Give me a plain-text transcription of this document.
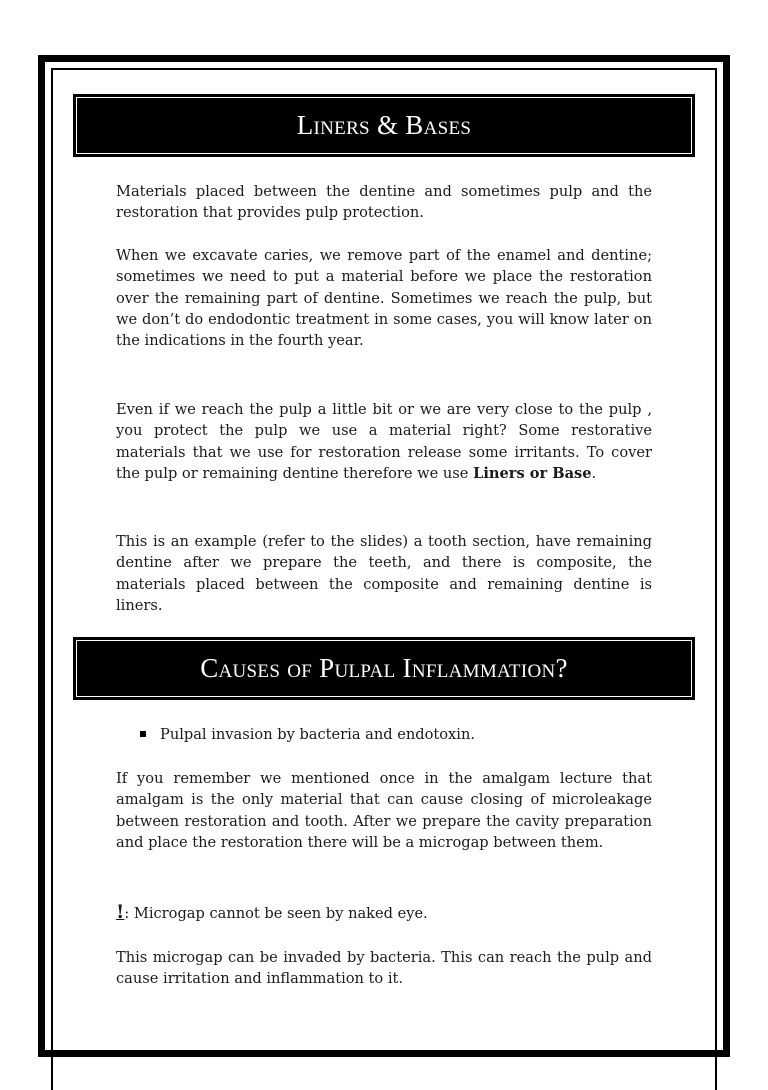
Liners & Bases

Materials placed between the dentine and sometimes pulp and the restoration that provides pulp protection.

When we excavate caries, we remove part of the enamel and dentine; sometimes we need to put a material before we place the restoration over the remaining part of dentine. Sometimes we reach the pulp, but we don’t do endodontic treatment in some cases, you will know later on the indications in the fourth year.

Even if we reach the pulp a little bit or we are very close to the pulp , you protect the pulp we use a material right? Some restorative materials that we use for restoration release some irritants. To cover the pulp or remaining dentine therefore we use Liners or Base.

This is an example (refer to the slides) a tooth section, have remaining dentine after we prepare the teeth, and there is composite, the materials placed between the composite and remaining dentine is liners.

Causes of Pulpal Inflammation?
Pulpal invasion by bacteria and endotoxin.

If you remember we mentioned once in the amalgam lecture that amalgam is the only material that can cause closing of microleakage between restoration and tooth. After we prepare the cavity preparation and place the restoration there will be a microgap between them.

!: Microgap cannot be seen by naked eye.

This microgap can be invaded by bacteria. This can reach the pulp and cause irritation and inflammation to it.
